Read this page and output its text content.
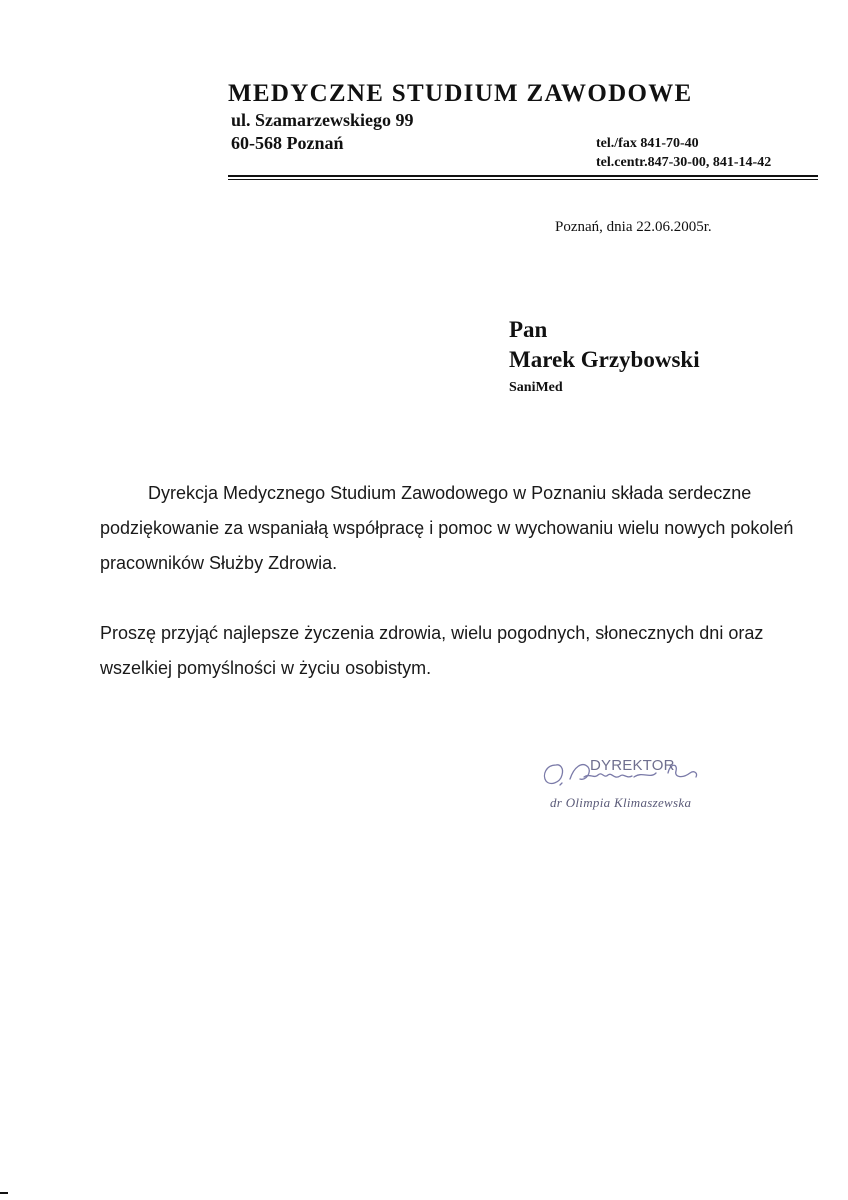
MEDYCZNE STUDIUM ZAWODOWE
ul. Szamarzewskiego 99
60-568 Poznań	tel./fax 841-70-40
tel.centr.847-30-00, 841-14-42
Poznań, dnia 22.06.2005r.
Pan
Marek Grzybowski
SaniMed
Dyrekcja Medycznego Studium Zawodowego w Poznaniu składa serdeczne
podziękowanie za wspaniałą współpracę i pomoc w wychowaniu wielu nowych pokoleń
pracowników Służby Zdrowia.
Proszę przyjąć najlepsze życzenia zdrowia, wielu pogodnych, słonecznych dni oraz
wszelkiej pomyślności w życiu osobistym.
DYREKTOR
dr Olimpia Klimaszewska
